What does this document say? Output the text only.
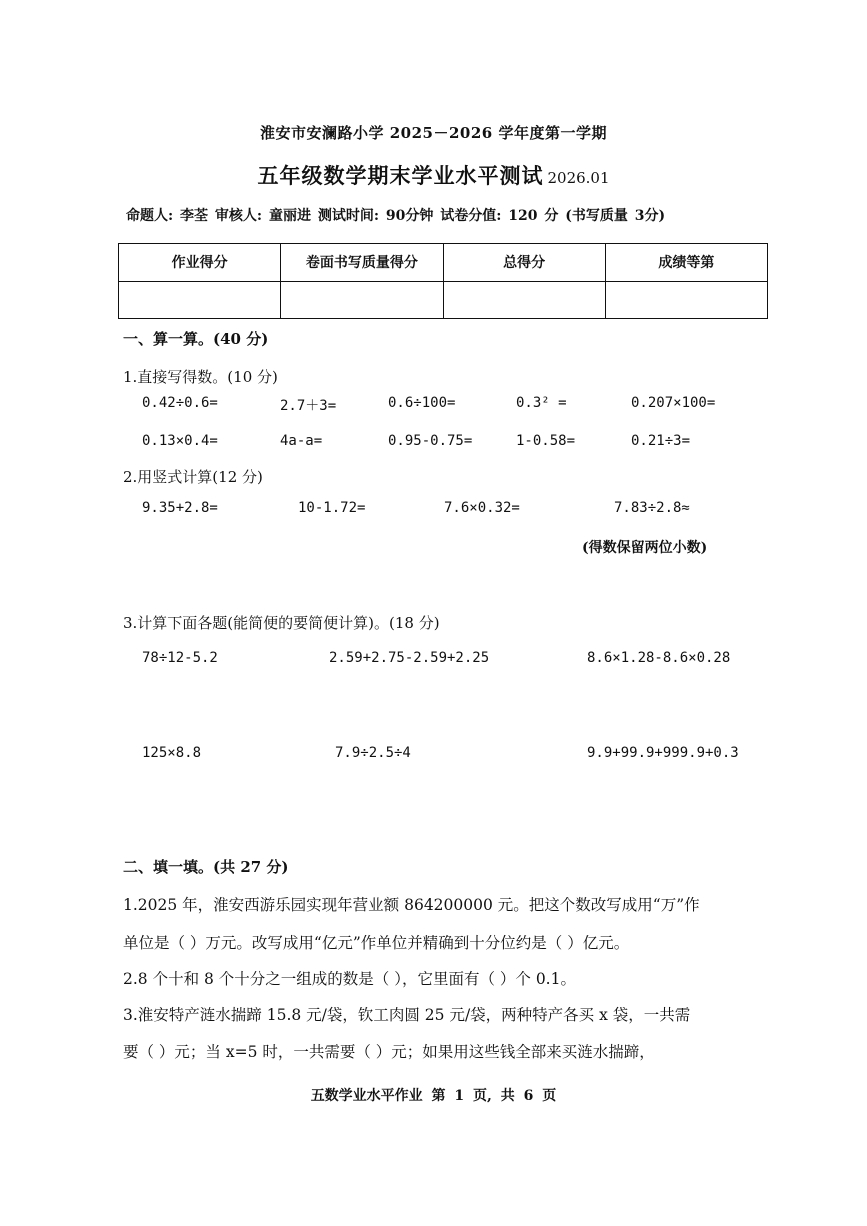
淮安市安澜路小学 2025－2026 学年度第一学期
五年级数学期末学业水平测试 2026.01
命题人: 李荃 审核人: 童丽进 测试时间: 90分钟 试卷分值: 120 分 (书写质量 3分)
作业得分	卷面书写质量得分	总得分	成绩等第

一、算一算。(40 分)
1.直接写得数。(10 分)
0.42÷0.6=	2.7＋3=	0.6÷100=	0.3² =	0.207×100=
0.13×0.4=	4a-a=	0.95-0.75=	1-0.58=	0.21÷3=
2.用竖式计算(12 分)
9.35+2.8=	10-1.72=	7.6×0.32=	7.83÷2.8≈
(得数保留两位小数)
3.计算下面各题(能简便的要简便计算)。(18 分)
78÷12-5.2	2.59+2.75-2.59+2.25	8.6×1.28-8.6×0.28
125×8.8	7.9÷2.5÷4	9.9+99.9+999.9+0.3
二、填一填。(共 27 分)
1.2025 年，淮安西游乐园实现年营业额 864200000 元。把这个数改写成用“万”作
单位是（ ）万元。改写成用“亿元”作单位并精确到十分位约是（ ）亿元。
2.8 个十和 8 个十分之一组成的数是（ ），它里面有（ ）个 0.1。
3.淮安特产涟水揣蹄 15.8 元/袋，钦工肉圆 25 元/袋，两种特产各买 x 袋，一共需
要（ ）元；当 x=5 时，一共需要（ ）元；如果用这些钱全部来买涟水揣蹄，
五数学业水平作业 第 1 页, 共 6 页
